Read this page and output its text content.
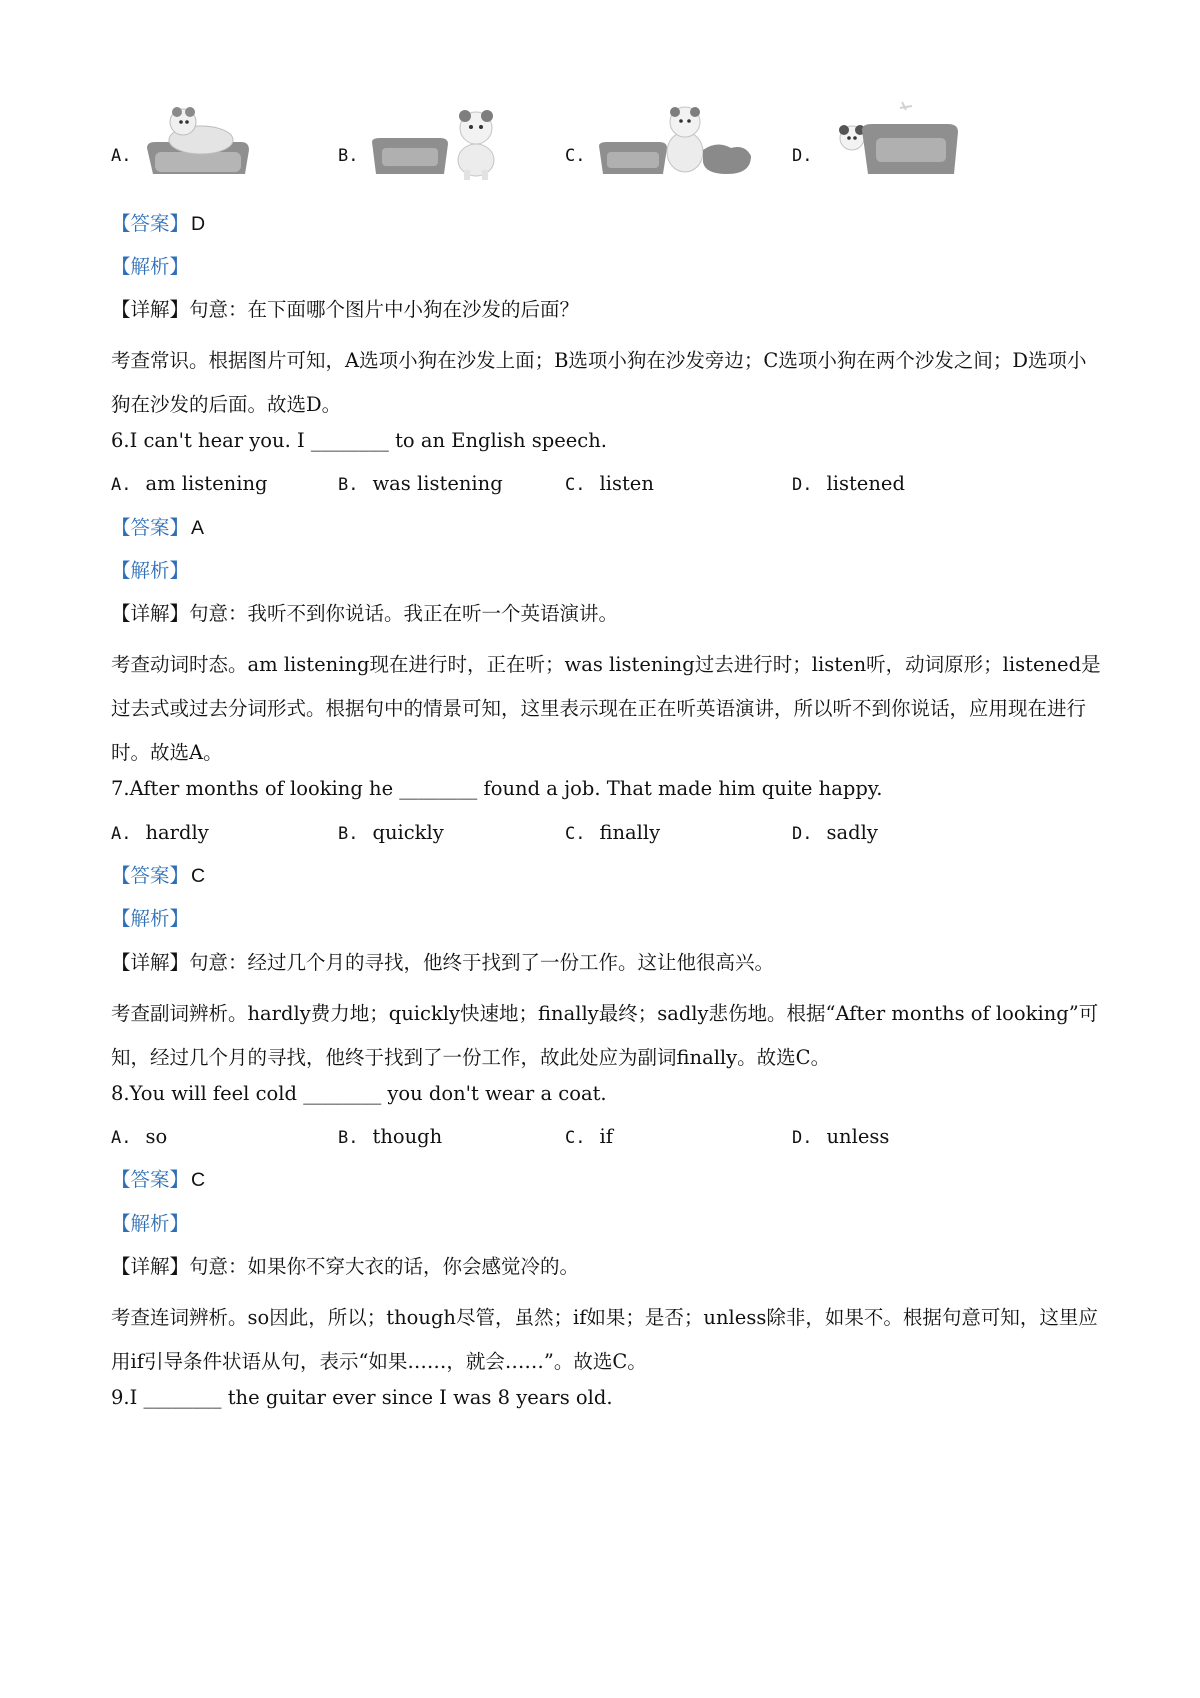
A.	B.	C.	D.
【答案】 D
【解析】
【详解】句意：在下面哪个图片中小狗在沙发的后面？
考查常识。根据图片可知，A选项小狗在沙发上面；B选项小狗在沙发旁边；C选项小狗在两个沙发之间；D选项小狗在沙发的后面。故选D。
6.I can't hear you. I ________ to an English speech.
A. am listening	B. was listening	C. listen	D. listened
【答案】 A
【解析】
【详解】句意：我听不到你说话。我正在听一个英语演讲。
考查动词时态。am listening现在进行时，正在听；was listening过去进行时；listen听，动词原形；listened是过去式或过去分词形式。根据句中的情景可知，这里表示现在正在听英语演讲，所以听不到你说话，应用现在进行时。故选A。
7.After months of looking he ________ found a job. That made him quite happy.
A. hardly	B. quickly	C. finally	D. sadly
【答案】 C
【解析】
【详解】句意：经过几个月的寻找，他终于找到了一份工作。这让他很高兴。
考查副词辨析。hardly费力地；quickly快速地；finally最终；sadly悲伤地。根据“After months of looking”可知，经过几个月的寻找，他终于找到了一份工作，故此处应为副词finally。故选C。
8.You will feel cold ________ you don't wear a coat.
A. so	B. though	C. if	D. unless
【答案】 C
【解析】
【详解】句意：如果你不穿大衣的话，你会感觉冷的。
考查连词辨析。so因此，所以；though尽管，虽然；if如果；是否；unless除非，如果不。根据句意可知，这里应用if引导条件状语从句，表示“如果……，就会……”。故选C。
9.I ________ the guitar ever since I was 8 years old.
